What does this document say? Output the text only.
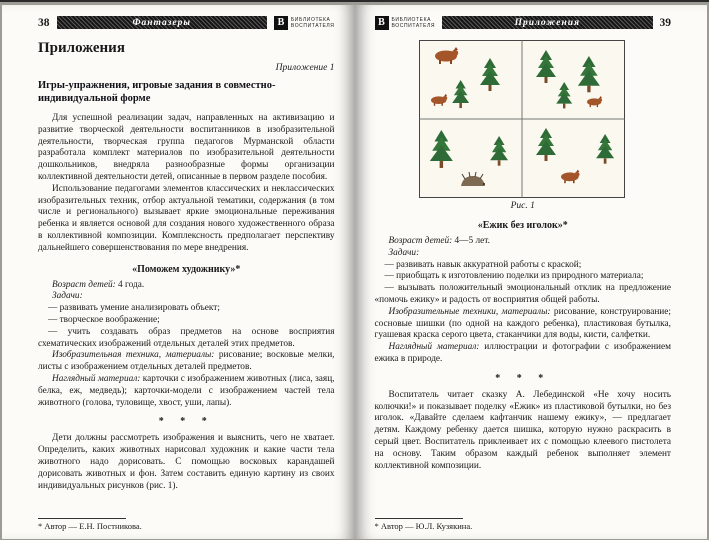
38	Фантазеры	В	БИБЛИОТЕКА
ВОСПИТАТЕЛЯ
Приложения
Приложение 1
Игры-упражнения, игровые задания в совместно-индивидуальной форме

Для успешной реализации задач, направленных на активизацию и развитие творческой деятельности воспитанников в изобразительной деятельности, творческая группа педагогов Мурманской области разработала комплект материалов по изобразительной деятельности дошкольников, внедряла разнообразные формы организации коллективной деятельности детей, описанные в первом разделе пособия.

Использование педагогами элементов классических и неклассических изобразительных техник, отбор актуальной тематики, содержания (в том числе и регионального) вызывает яркие эмоциональные переживания ребенка и является основой для создания нового художественного образа в коллективной композиции. Комплексность предполагает перспективу дальнейшего совершенствования по мере внедрения.

«Поможем художнику»*
Возраст детей: 4 года.
Задачи:
— развивать умение анализировать объект;
— творческое воображение;
— учить создавать образ предметов на основе восприятия схематических изображений отдельных деталей этих предметов.

Изобразительная техника, материалы: рисование; восковые мелки, листы с изображением отдельных деталей предметов.

Наглядный материал: карточки с изображением животных (лиса, заяц, белка, еж, медведь); карточки-модели с изображением частей тела животного (голова, туловище, хвост, уши, лапы).

* * *

Дети должны рассмотреть изображения и выяснить, чего не хватает. Определить, каких животных нарисовал художник и какие части тела животного надо дорисовать. С помощью восковых карандашей дорисовать животных и фон. Затем составить единую картину из своих индивидуальных рисунков (рис. 1).

* Автор — Е.Н. Постникова.
В	БИБЛИОТЕКА
ВОСПИТАТЕЛЯ	Приложения	39
Рис. 1
«Ежик без иголок»*
Возраст детей: 4—5 лет.
Задачи:
— развивать навык аккуратной работы с краской;
— приобщать к изготовлению поделки из природного материала;
— вызывать положительный эмоциональный отклик на предложение «помочь ежику» и радость от восприятия общей работы.

Изобразительные техники, материалы: рисование, конструирование; сосновые шишки (по одной на каждого ребенка), пластиковая бутылка, гуашевая краска серого цвета, стаканчики для воды, кисти, салфетки.

Наглядный материал: иллюстрации и фотографии с изображением ежика в природе.

* * *

Воспитатель читает сказку А. Лебединской «Не хочу носить колючки!» и показывает поделку «Ежик» из пластиковой бутылки, но без иголок. «Давайте сделаем кафтанчик нашему ежику», — предлагает детям. Каждому ребенку дается шишка, которую нужно раскрасить в серый цвет. Воспитатель приклеивает их с помощью клеевого пистолета на основу. Таким образом каждый ребенок выполняет элемент коллективной композиции.

* Автор — Ю.Л. Кузякина.
